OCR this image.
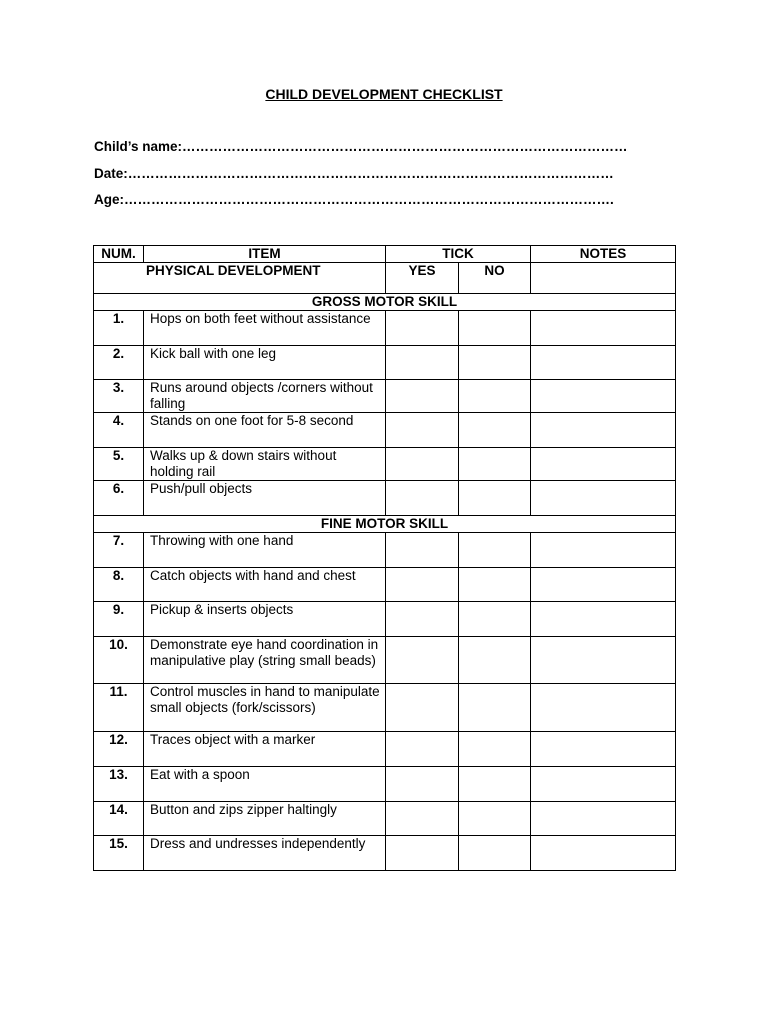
CHILD DEVELOPMENT CHECKLIST
Child’s name:………………………………………………………………………………………
Date:………………………………………………………………………………………………
Age:……………………………………………………………………………………………….
NUM.	ITEM	TICK		NOTES
PHYSICAL DEVELOPMENT		YES	NO	
GROSS MOTOR SKILL				
1.	Hops on both feet without assistance			
2.	Kick ball with one leg			
3.	Runs around objects /corners without falling			
4.	Stands on one foot for 5-8 second			
5.	Walks up & down stairs without holding rail			
6.	Push/pull objects			
FINE MOTOR SKILL				
7.	Throwing with one hand			
8.	Catch objects with hand and chest			
9.	Pickup & inserts objects			
10.	Demonstrate eye hand coordination in manipulative play (string small beads)			
11.	Control muscles in hand to manipulate small objects (fork/scissors)			
12.	Traces object with a marker			
13.	Eat with a spoon			
14.	Button and zips zipper haltingly			
15.	Dress and undresses independently			
